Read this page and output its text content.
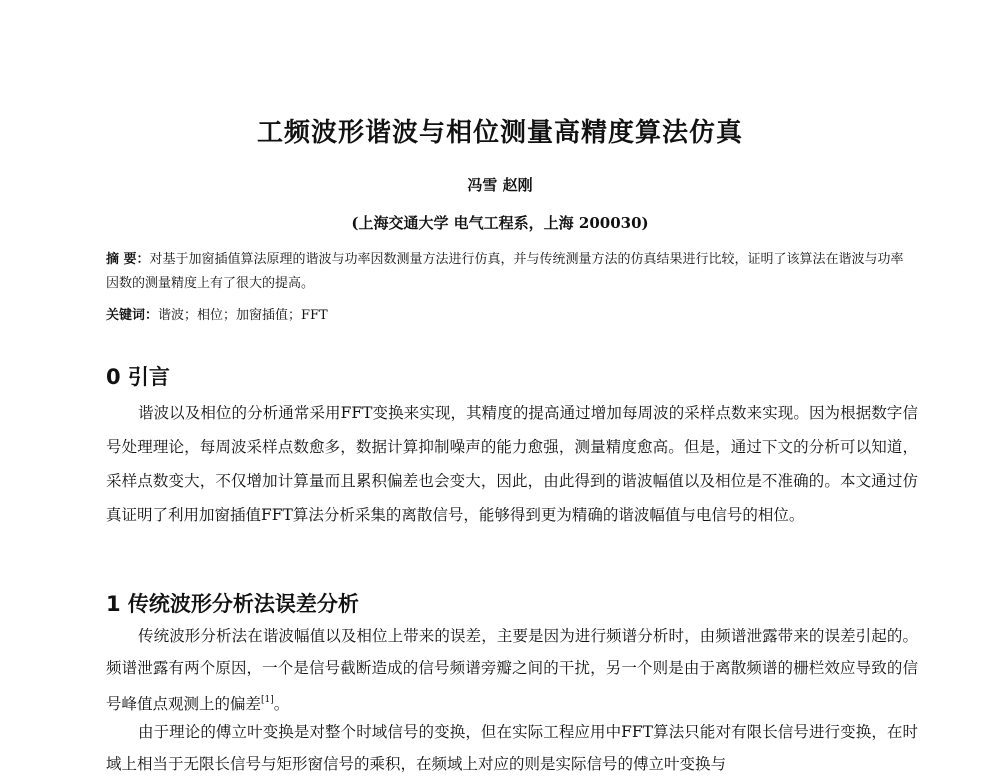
工频波形谐波与相位测量高精度算法仿真
冯雪 赵刚
(上海交通大学 电气工程系，上海 200030)
摘 要：对基于加窗插值算法原理的谐波与功率因数测量方法进行仿真，并与传统测量方法的仿真结果进行比较，证明了该算法在谐波与功率因数的测量精度上有了很大的提高。
关键词：谐波；相位；加窗插值；FFT
0 引言
谐波以及相位的分析通常采用FFT变换来实现，其精度的提高通过增加每周波的采样点数来实现。因为根据数字信号处理理论，每周波采样点数愈多，数据计算抑制噪声的能力愈强，测量精度愈高。但是，通过下文的分析可以知道，采样点数变大，不仅增加计算量而且累积偏差也会变大，因此，由此得到的谐波幅值以及相位是不准确的。本文通过仿真证明了利用加窗插值FFT算法分析采集的离散信号，能够得到更为精确的谐波幅值与电信号的相位。
1 传统波形分析法误差分析
传统波形分析法在谐波幅值以及相位上带来的误差，主要是因为进行频谱分析时，由频谱泄露带来的误差引起的。频谱泄露有两个原因，一个是信号截断造成的信号频谱旁瓣之间的干扰，另一个则是由于离散频谱的栅栏效应导致的信号峰值点观测上的偏差[1]。
由于理论的傅立叶变换是对整个时域信号的变换，但在实际工程应用中FFT算法只能对有限长信号进行变换，在时域上相当于无限长信号与矩形窗信号的乘积，在频域上对应的则是实际信号的傅立叶变换与
